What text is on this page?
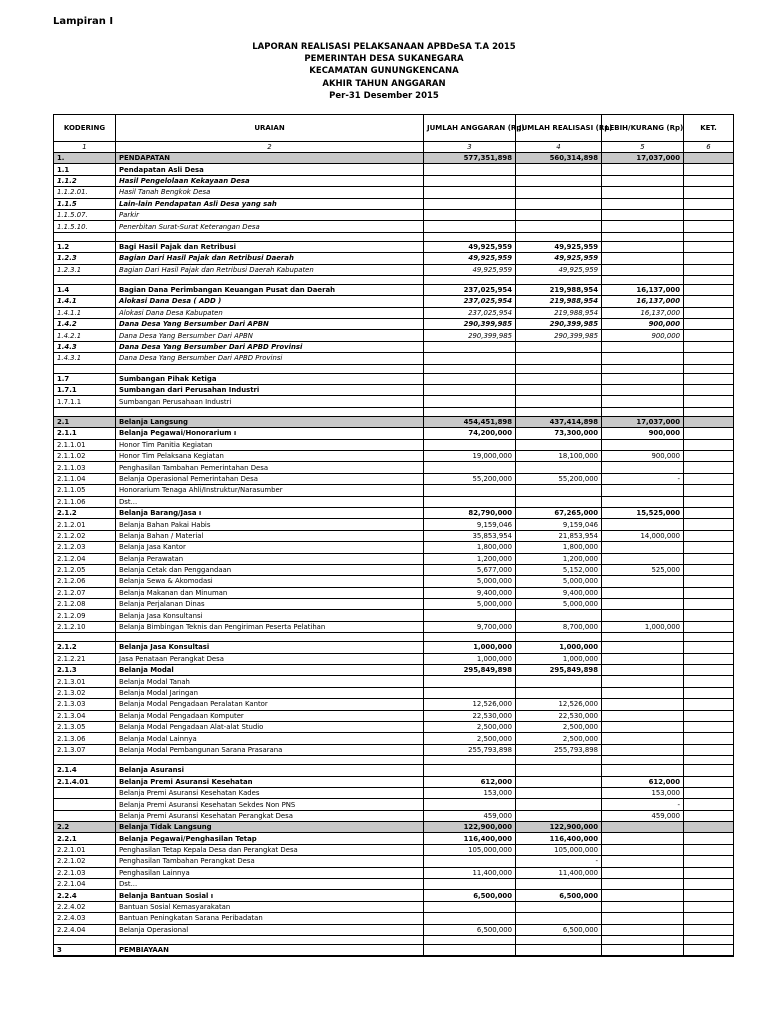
Lampiran I
LAPORAN REALISASI PELAKSANAAN APBDeSA T.A 2015
PEMERINTAH DESA SUKANEGARA
KECAMATAN GUNUNGKENCANA
AKHIR TAHUN ANGGARAN
Per-31 Desember 2015
KODERING	URAIAN	JUMLAH ANGGARAN (Rp)	JUMLAH REALISASI (Rp)	LEBIH/KURANG (Rp)	KET.
1	2	3	4	5	6
1.	PENDAPATAN	577,351,898	560,314,898	17,037,000	
1.1	Pendapatan Asli Desa				
1.1.2	Hasil Pengelolaan Kekayaan Desa				
1.1.2.01.	Hasil Tanah Bengkok Desa				
1.1.5	Lain-lain Pendapatan Asli Desa yang sah				
1.1.5.07.	Parkir				
1.1.5.10.	Penerbitan Surat-Surat Keterangan Desa				

1.2	Bagi Hasil Pajak dan Retribusi	49,925,959	49,925,959		
1.2.3	Bagian Dari Hasil Pajak dan Retribusi Daerah	49,925,959	49,925,959		
1.2.3.1	Bagian Dari Hasil Pajak dan Retribusi Daerah Kabupaten	49,925,959	49,925,959		

1.4	Bagian Dana Perimbangan Keuangan Pusat dan Daerah	237,025,954	219,988,954	16,137,000	
1.4.1	Alokasi Dana Desa ( ADD )	237,025,954	219,988,954	16,137,000	
1.4.1.1	Alokasi Dana Desa Kabupaten	237,025,954	219,988,954	16,137,000	
1.4.2	Dana Desa Yang Bersumber Dari APBN	290,399,985	290,399,985	900,000	
1.4.2.1	Dana Desa Yang Bersumber Dari APBN	290,399,985	290,399,985	900,000	
1.4.3	Dana Desa Yang Bersumber Dari APBD Provinsi				
1.4.3.1	Dana Desa Yang Bersumber Dari APBD Provinsi				

1.7	Sumbangan Pihak Ketiga				
1.7.1	Sumbangan dari Perusahan Industri				
1.7.1.1	Sumbangan Perusahaan Industri				

2.1	Belanja Langsung	454,451,898	437,414,898	17,037,000	
2.1.1	Belanja Pegawai/Honorarium ı	74,200,000	73,300,000	900,000	
2.1.1.01	Honor Tim Panitia Kegiatan				
2.1.1.02	Honor Tim Pelaksana Kegiatan	19,000,000	18,100,000	900,000	
2.1.1.03	Penghasilan Tambahan Pemerintahan Desa				
2.1.1.04	Belanja Operasional Pemerintahan Desa	55,200,000	55,200,000	-	
2.1.1.05	Honorarium Tenaga Ahli/Instruktur/Narasumber				
2.1.1.06	Dst...				
2.1.2	Belanja Barang/Jasa ı	82,790,000	67,265,000	15,525,000	
2.1.2.01	Belanja Bahan Pakai Habis	9,159,046	9,159,046		
2.1.2.02	Belanja Bahan / Material	35,853,954	21,853,954	14,000,000	
2.1.2.03	Belanja Jasa Kantor	1,800,000	1,800,000		
2.1.2.04	Belanja Perawatan	1,200,000	1,200,000		
2.1.2.05	Belanja Cetak dan Penggandaan	5,677,000	5,152,000	525,000	
2.1.2.06	Belanja Sewa & Akomodasi	5,000,000	5,000,000		
2.1.2.07	Belanja Makanan dan Minuman	9,400,000	9,400,000		
2.1.2.08	Belanja Perjalanan Dinas	5,000,000	5,000,000		
2.1.2.09	Belanja Jasa Konsultansi				
2.1.2.10	Belanja Bimbingan Teknis dan Pengiriman Peserta Pelatihan	9,700,000	8,700,000	1,000,000	

2.1.2	Belanja Jasa Konsultasi	1,000,000	1,000,000		
2.1.2.21	Jasa Penataan Perangkat Desa	1,000,000	1,000,000		
2.1.3	Belanja Modal	295,849,898	295,849,898		
2.1.3.01	Belanja Modal Tanah				
2.1.3.02	Belanja Modal Jaringan				
2.1.3.03	Belanja Modal Pengadaan Peralatan Kantor	12,526,000	12,526,000		
2.1.3.04	Belanja Modal Pengadaan Komputer	22,530,000	22,530,000		
2.1.3.05	Belanja Modal Pengadaan Alat-alat Studio	2,500,000	2,500,000		
2.1.3.06	Belanja Modal Lainnya	2,500,000	2,500,000		
2.1.3.07	Belanja Modal Pembangunan Sarana Prasarana	255,793,898	255,793,898		

2.1.4	Belanja Asuransi				
2.1.4.01	Belanja Premi Asuransi Kesehatan	612,000		612,000	
	Belanja Premi Asuransi Kesehatan Kades	153,000		153,000	
	Belanja Premi Asuransi Kesehatan Sekdes Non PNS			-	
	Belanja Premi Asuransi Kesehatan Perangkat Desa	459,000		459,000	
2.2	Belanja Tidak Langsung	122,900,000	122,900,000		
2.2.1	Belanja Pegawai/Penghasilan Tetap	116,400,000	116,400,000		
2.2.1.01	Penghasilan Tetap Kepala Desa dan Perangkat Desa	105,000,000	105,000,000		
2.2.1.02	Penghasilan Tambahan Perangkat Desa		-		
2.2.1.03	Penghasilan Lainnya	11,400,000	11,400,000		
2.2.1.04	Dst...				
2.2.4	Belanja Bantuan Sosial ı	6,500,000	6,500,000		
2.2.4.02	Bantuan Sosial Kemasyarakatan				
2.2.4.03	Bantuan Peningkatan Sarana Peribadatan				
2.2.4.04	Belanja Operasional	6,500,000	6,500,000		

3	PEMBIAYAAN				
